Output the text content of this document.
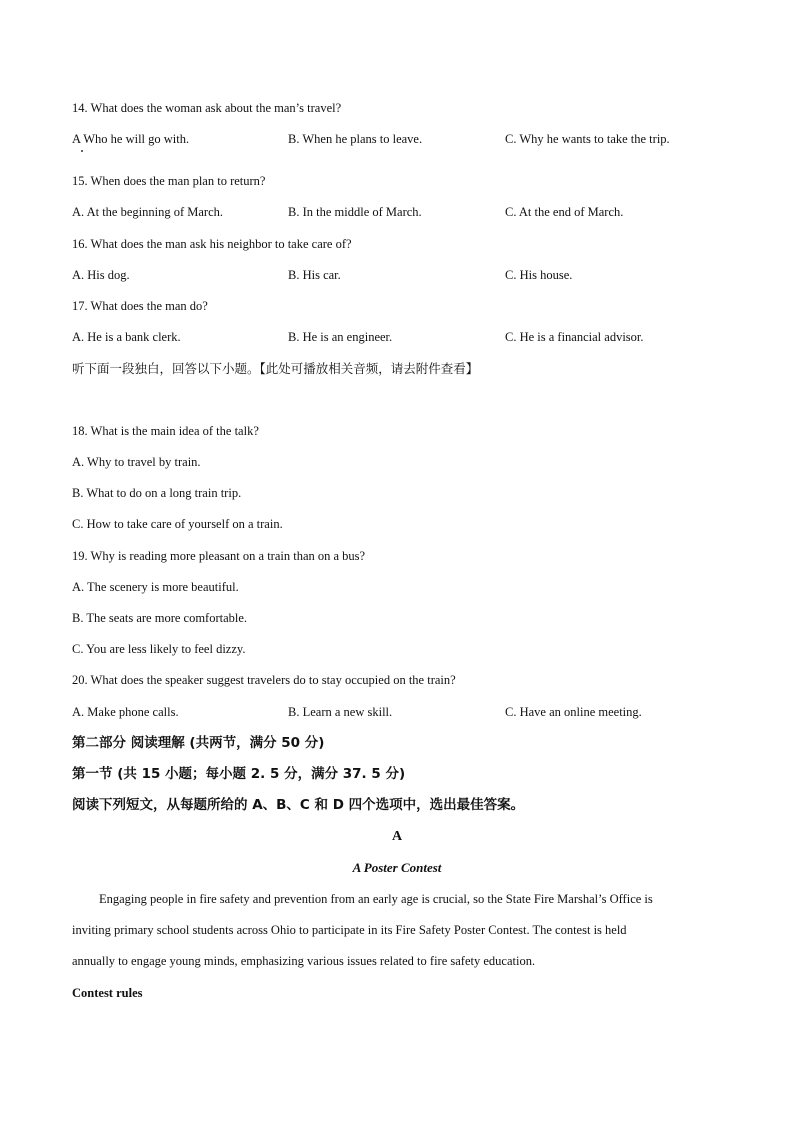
14. What does the woman ask about the man’s travel?
A Who he will go with.	B. When he plans to leave.	C. Why he wants to take the trip.
15. When does the man plan to return?
A. At the beginning of March.	B. In the middle of March.	C. At the end of March.
16. What does the man ask his neighbor to take care of?
A. His dog.	B. His car.	C. His house.
17. What does the man do?
A. He is a bank clerk.	B. He is an engineer.	C. He is a financial advisor.
听下面一段独白，回答以下小题。【此处可播放相关音频，请去附件查看】
18. What is the main idea of the talk?
A. Why to travel by train.
B. What to do on a long train trip.
C. How to take care of yourself on a train.
19. Why is reading more pleasant on a train than on a bus?
A. The scenery is more beautiful.
B. The seats are more comfortable.
C. You are less likely to feel dizzy.
20. What does the speaker suggest travelers do to stay occupied on the train?
A. Make phone calls.	B. Learn a new skill.	C. Have an online meeting.
第二部分 阅读理解 (共两节，满分 50 分)
第一节 (共 15 小题；每小题 2. 5 分，满分 37. 5 分)
阅读下列短文，从每题所给的 A、B、C 和 D 四个选项中，选出最佳答案。
A
A Poster Contest
Engaging people in fire safety and prevention from an early age is crucial, so the State Fire Marshal’s Office is
inviting primary school students across Ohio to participate in its Fire Safety Poster Contest. The contest is held
annually to engage young minds, emphasizing various issues related to fire safety education.
Contest rules
